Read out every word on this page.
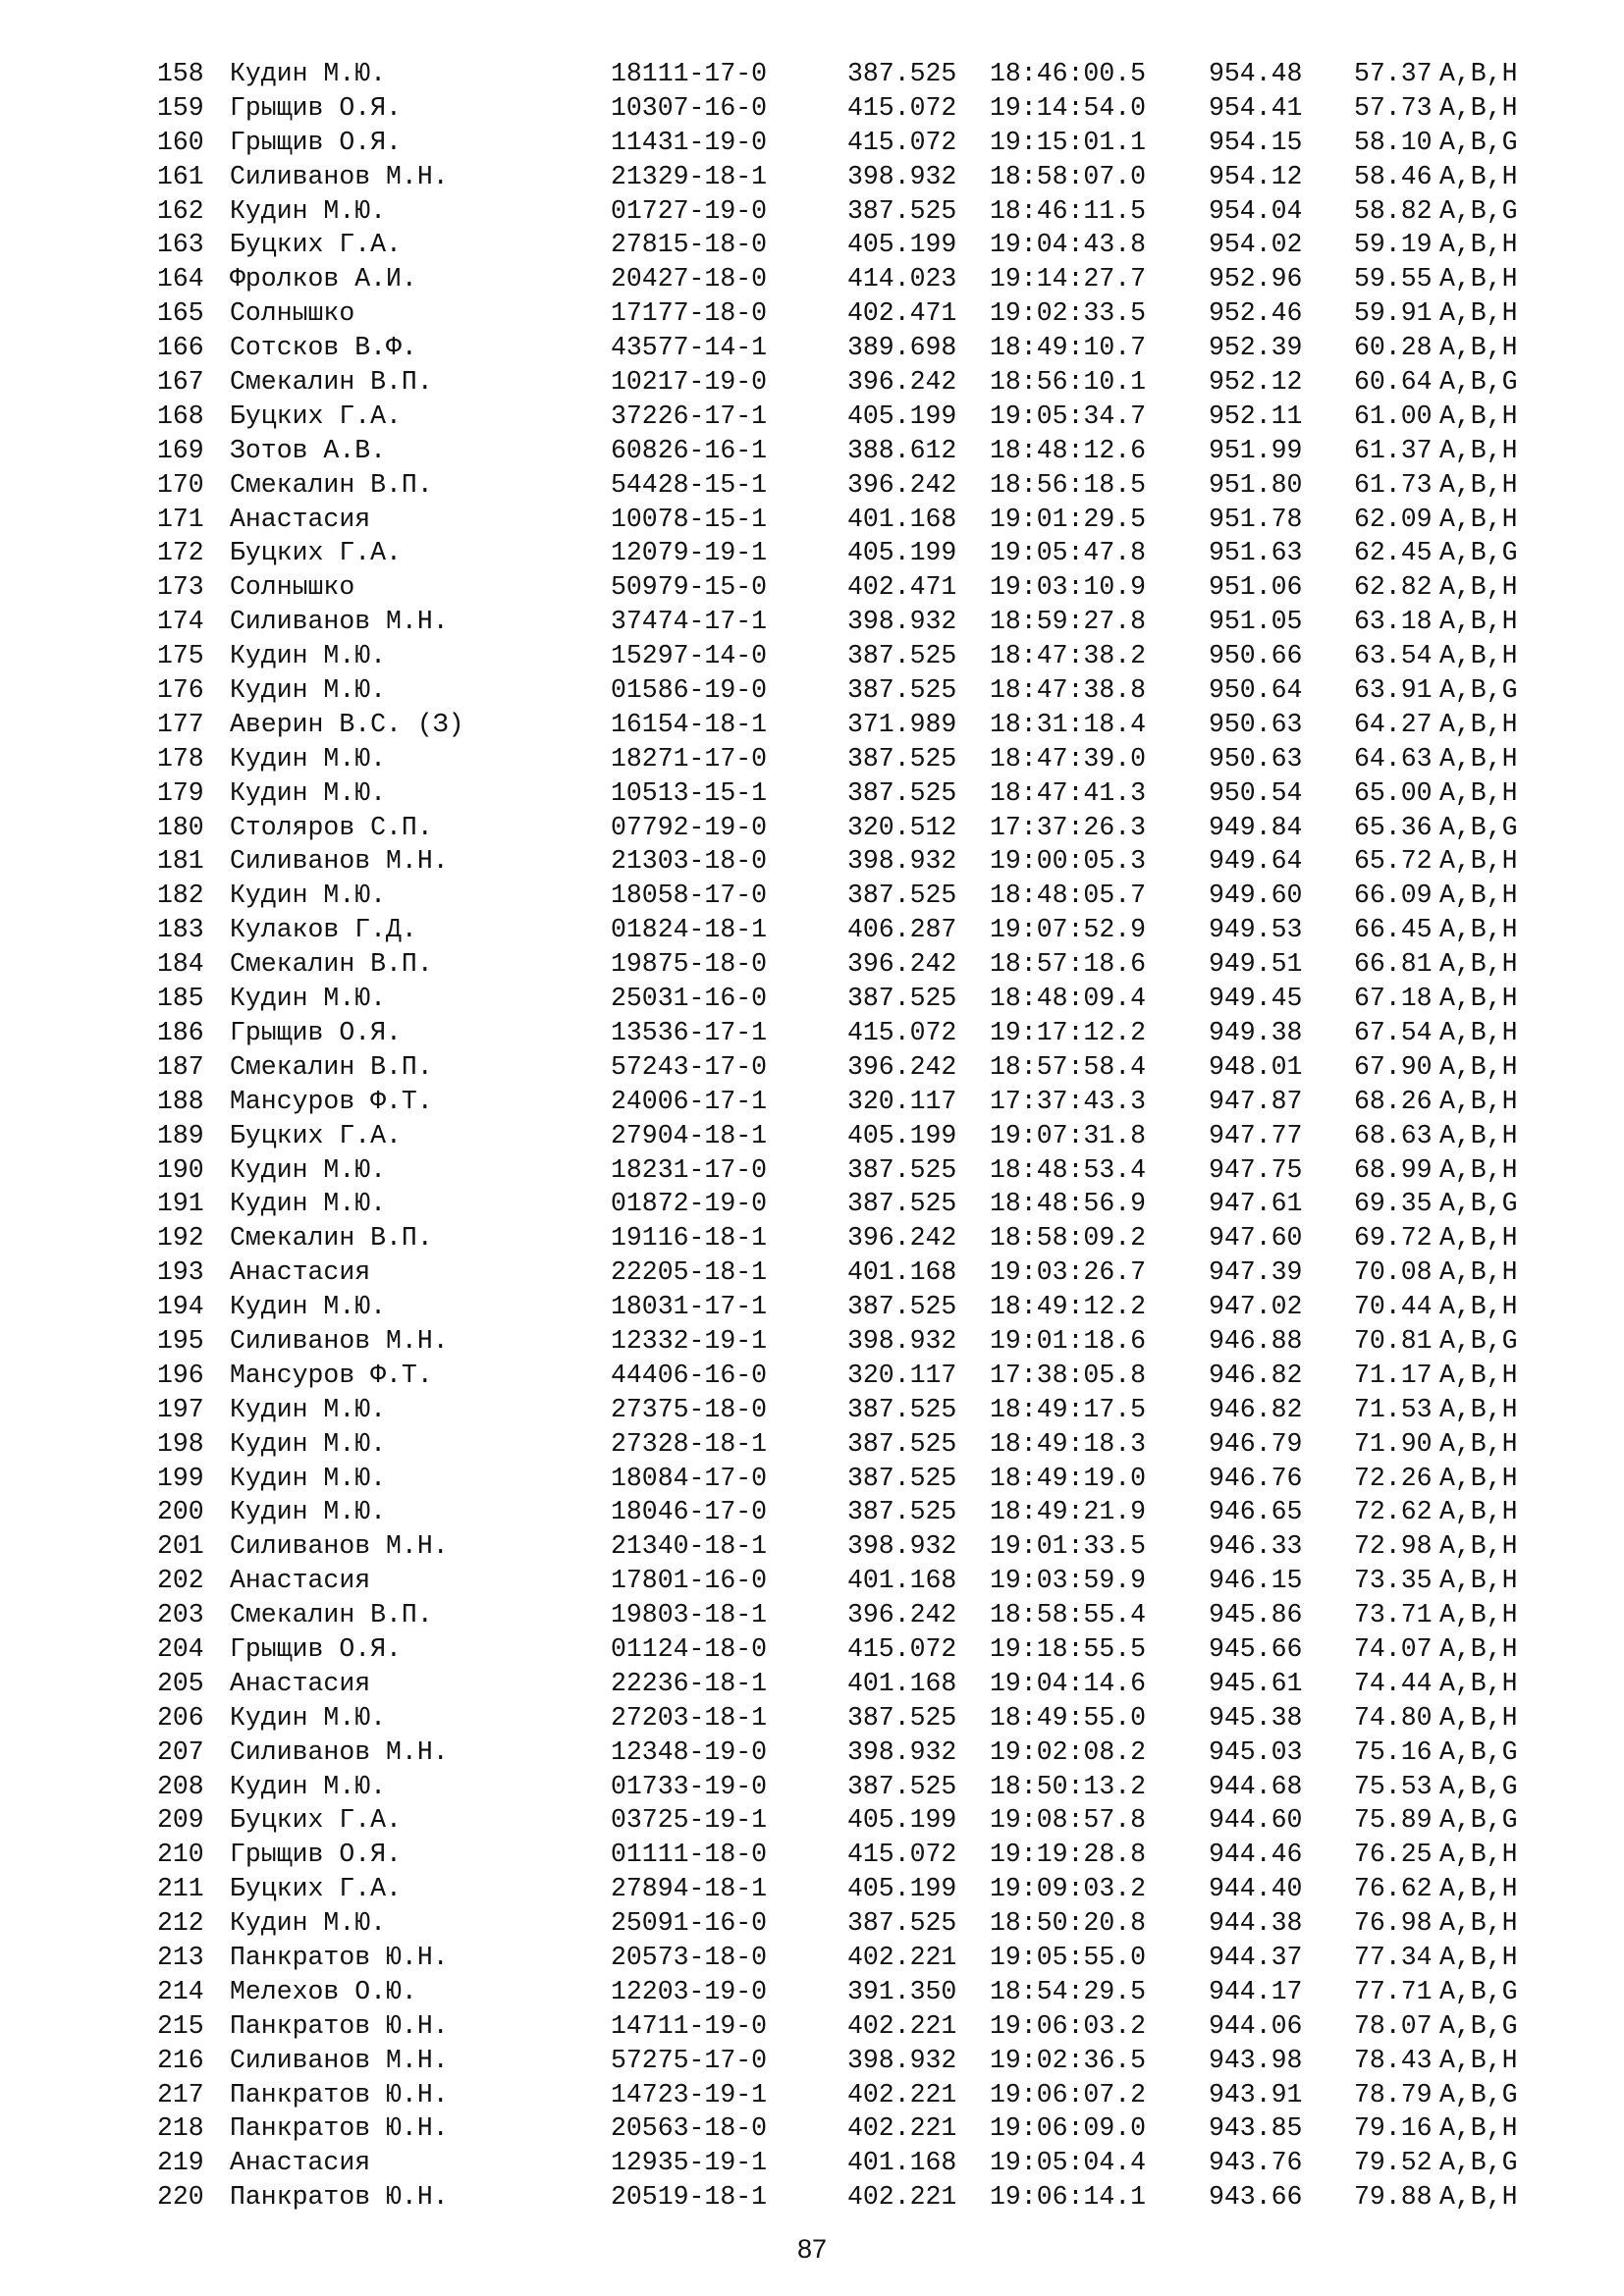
158 Кудин М.Ю.	18111-17-0	387.525 18:46:00.5 954.48 57.37 A,B,H
159 Грыщив О.Я.	10307-16-0	415.072 19:14:54.0 954.41 57.73 A,B,H
160 Грыщив О.Я.	11431-19-0	415.072 19:15:01.1 954.15 58.10 A,B,G
161 Силиванов М.Н.	21329-18-1	398.932 18:58:07.0 954.12 58.46 A,B,H
162 Кудин М.Ю.	01727-19-0	387.525 18:46:11.5 954.04 58.82 A,B,G
163 Буцких Г.А.	27815-18-0	405.199 19:04:43.8 954.02 59.19 A,B,H
164 Фролков А.И.	20427-18-0	414.023 19:14:27.7 952.96 59.55 A,B,H
165 Солнышко	17177-18-0	402.471 19:02:33.5 952.46 59.91 A,B,H
166 Сотсков В.Ф.	43577-14-1	389.698 18:49:10.7 952.39 60.28 A,B,H
167 Смекалин В.П.	10217-19-0	396.242 18:56:10.1 952.12 60.64 A,B,G
168 Буцких Г.А.	37226-17-1	405.199 19:05:34.7 952.11 61.00 A,B,H
169 Зотов А.В.	60826-16-1	388.612 18:48:12.6 951.99 61.37 A,B,H
170 Смекалин В.П.	54428-15-1	396.242 18:56:18.5 951.80 61.73 A,B,H
171 Анастасия	10078-15-1	401.168 19:01:29.5 951.78 62.09 A,B,H
172 Буцких Г.А.	12079-19-1	405.199 19:05:47.8 951.63 62.45 A,B,G
173 Солнышко	50979-15-0	402.471 19:03:10.9 951.06 62.82 A,B,H
174 Силиванов М.Н.	37474-17-1	398.932 18:59:27.8 951.05 63.18 A,B,H
175 Кудин М.Ю.	15297-14-0	387.525 18:47:38.2 950.66 63.54 A,B,H
176 Кудин М.Ю.	01586-19-0	387.525 18:47:38.8 950.64 63.91 A,B,G
177 Аверин В.С. (З)	16154-18-1	371.989 18:31:18.4 950.63 64.27 A,B,H
178 Кудин М.Ю.	18271-17-0	387.525 18:47:39.0 950.63 64.63 A,B,H
179 Кудин М.Ю.	10513-15-1	387.525 18:47:41.3 950.54 65.00 A,B,H
180 Столяров С.П.	07792-19-0	320.512 17:37:26.3 949.84 65.36 A,B,G
181 Силиванов М.Н.	21303-18-0	398.932 19:00:05.3 949.64 65.72 A,B,H
182 Кудин М.Ю.	18058-17-0	387.525 18:48:05.7 949.60 66.09 A,B,H
183 Кулаков Г.Д.	01824-18-1	406.287 19:07:52.9 949.53 66.45 A,B,H
184 Смекалин В.П.	19875-18-0	396.242 18:57:18.6 949.51 66.81 A,B,H
185 Кудин М.Ю.	25031-16-0	387.525 18:48:09.4 949.45 67.18 A,B,H
186 Грыщив О.Я.	13536-17-1	415.072 19:17:12.2 949.38 67.54 A,B,H
187 Смекалин В.П.	57243-17-0	396.242 18:57:58.4 948.01 67.90 A,B,H
188 Мансуров Ф.Т.	24006-17-1	320.117 17:37:43.3 947.87 68.26 A,B,H
189 Буцких Г.А.	27904-18-1	405.199 19:07:31.8 947.77 68.63 A,B,H
190 Кудин М.Ю.	18231-17-0	387.525 18:48:53.4 947.75 68.99 A,B,H
191 Кудин М.Ю.	01872-19-0	387.525 18:48:56.9 947.61 69.35 A,B,G
192 Смекалин В.П.	19116-18-1	396.242 18:58:09.2 947.60 69.72 A,B,H
193 Анастасия	22205-18-1	401.168 19:03:26.7 947.39 70.08 A,B,H
194 Кудин М.Ю.	18031-17-1	387.525 18:49:12.2 947.02 70.44 A,B,H
195 Силиванов М.Н.	12332-19-1	398.932 19:01:18.6 946.88 70.81 A,B,G
196 Мансуров Ф.Т.	44406-16-0	320.117 17:38:05.8 946.82 71.17 A,B,H
197 Кудин М.Ю.	27375-18-0	387.525 18:49:17.5 946.82 71.53 A,B,H
198 Кудин М.Ю.	27328-18-1	387.525 18:49:18.3 946.79 71.90 A,B,H
199 Кудин М.Ю.	18084-17-0	387.525 18:49:19.0 946.76 72.26 A,B,H
200 Кудин М.Ю.	18046-17-0	387.525 18:49:21.9 946.65 72.62 A,B,H
201 Силиванов М.Н.	21340-18-1	398.932 19:01:33.5 946.33 72.98 A,B,H
202 Анастасия	17801-16-0	401.168 19:03:59.9 946.15 73.35 A,B,H
203 Смекалин В.П.	19803-18-1	396.242 18:58:55.4 945.86 73.71 A,B,H
204 Грыщив О.Я.	01124-18-0	415.072 19:18:55.5 945.66 74.07 A,B,H
205 Анастасия	22236-18-1	401.168 19:04:14.6 945.61 74.44 A,B,H
206 Кудин М.Ю.	27203-18-1	387.525 18:49:55.0 945.38 74.80 A,B,H
207 Силиванов М.Н.	12348-19-0	398.932 19:02:08.2 945.03 75.16 A,B,G
208 Кудин М.Ю.	01733-19-0	387.525 18:50:13.2 944.68 75.53 A,B,G
209 Буцких Г.А.	03725-19-1	405.199 19:08:57.8 944.60 75.89 A,B,G
210 Грыщив О.Я.	01111-18-0	415.072 19:19:28.8 944.46 76.25 A,B,H
211 Буцких Г.А.	27894-18-1	405.199 19:09:03.2 944.40 76.62 A,B,H
212 Кудин М.Ю.	25091-16-0	387.525 18:50:20.8 944.38 76.98 A,B,H
213 Панкратов Ю.Н.	20573-18-0	402.221 19:05:55.0 944.37 77.34 A,B,H
214 Мелехов О.Ю.	12203-19-0	391.350 18:54:29.5 944.17 77.71 A,B,G
215 Панкратов Ю.Н.	14711-19-0	402.221 19:06:03.2 944.06 78.07 A,B,G
216 Силиванов М.Н.	57275-17-0	398.932 19:02:36.5 943.98 78.43 A,B,H
217 Панкратов Ю.Н.	14723-19-1	402.221 19:06:07.2 943.91 78.79 A,B,G
218 Панкратов Ю.Н.	20563-18-0	402.221 19:06:09.0 943.85 79.16 A,B,H
219 Анастасия	12935-19-1	401.168 19:05:04.4 943.76 79.52 A,B,G
220 Панкратов Ю.Н.	20519-18-1	402.221 19:06:14.1 943.66 79.88 A,B,H
87
